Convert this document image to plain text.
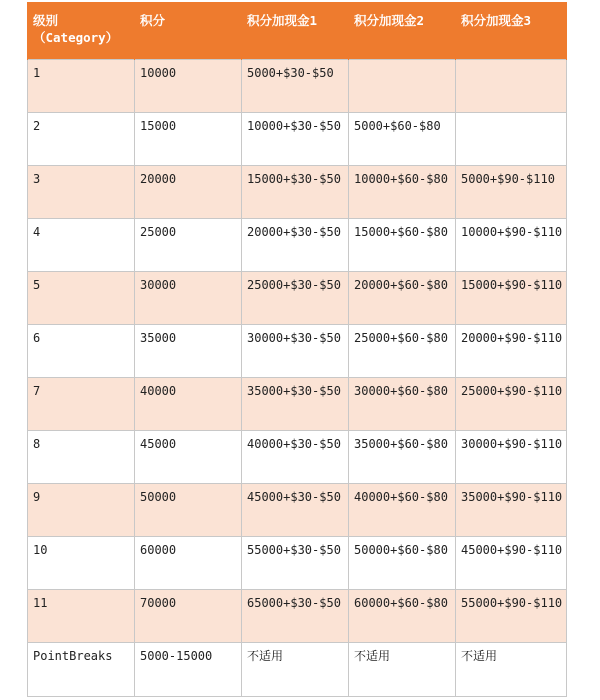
级别
（Category）	积分	积分加现金1	积分加现金2	积分加现金3

1	10000	5000+$30-$50		
2	15000	10000+$30-$50	5000+$60-$80	
3	20000	15000+$30-$50	10000+$60-$80	5000+$90-$110
4	25000	20000+$30-$50	15000+$60-$80	10000+$90-$110
5	30000	25000+$30-$50	20000+$60-$80	15000+$90-$110
6	35000	30000+$30-$50	25000+$60-$80	20000+$90-$110
7	40000	35000+$30-$50	30000+$60-$80	25000+$90-$110
8	45000	40000+$30-$50	35000+$60-$80	30000+$90-$110
9	50000	45000+$30-$50	40000+$60-$80	35000+$90-$110
10	60000	55000+$30-$50	50000+$60-$80	45000+$90-$110
11	70000	65000+$30-$50	60000+$60-$80	55000+$90-$110
PointBreaks	5000-15000	不适用	不适用	不适用
